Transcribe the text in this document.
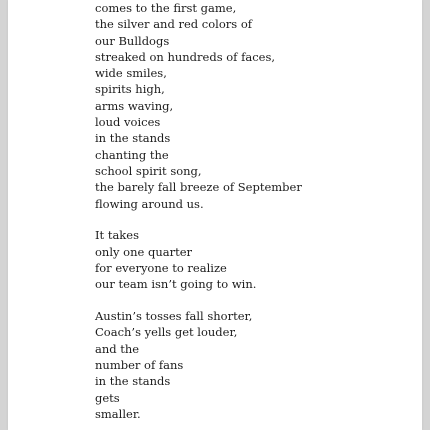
comes to the first game,
the silver and red colors of
our Bulldogs
streaked on hundreds of faces,
wide smiles,
spirits high,
arms waving,
loud voices
in the stands
chanting the
school spirit song,
the barely fall breeze of September
flowing around us.
It takes
only one quarter
for everyone to realize
our team isn’t going to win.
Austin’s tosses fall shorter,
Coach’s yells get louder,
and the
number of fans
in the stands
gets
smaller.
